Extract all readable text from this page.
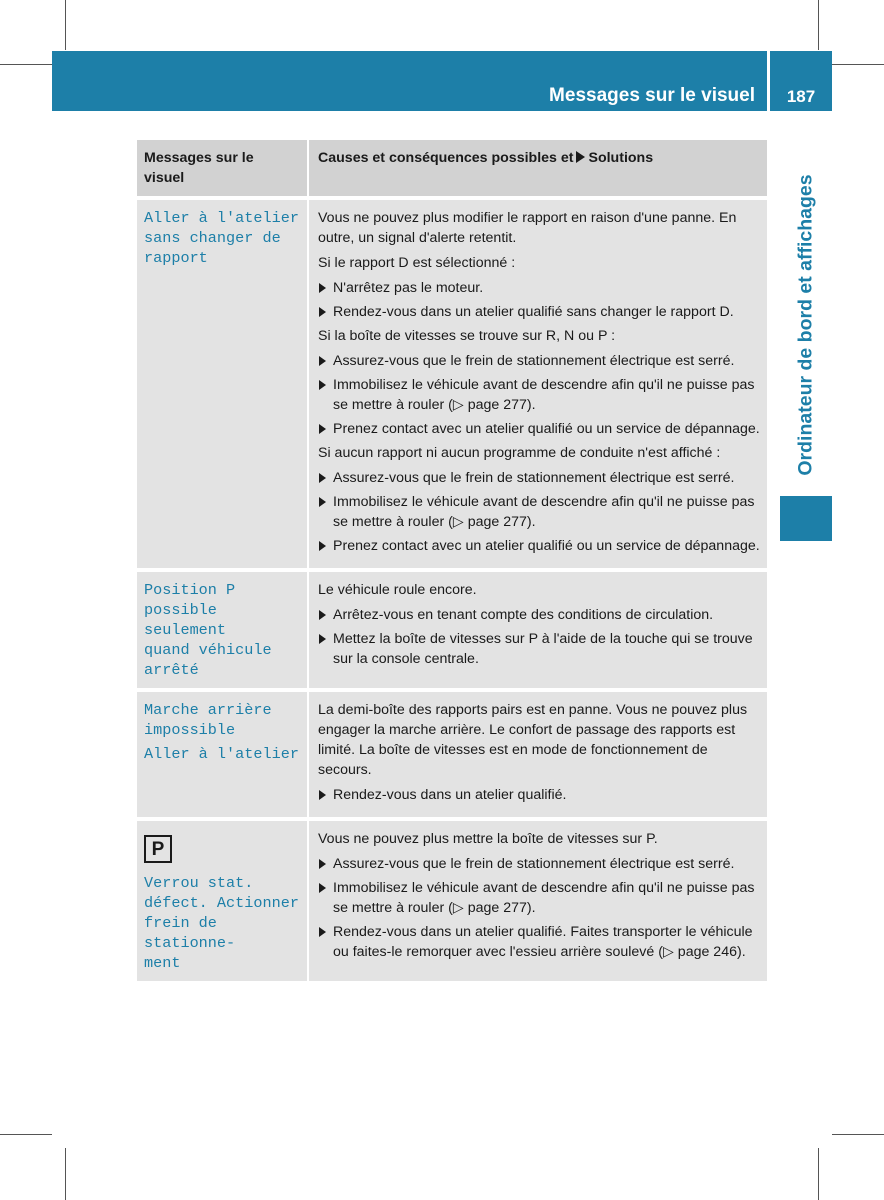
Messages sur le visuel	187
Ordinateur de bord et affichages
Messages sur le
visuel
Causes et conséquences possibles et Solutions
Aller à l'atelier
sans changer de
rapport
Vous ne pouvez plus modifier le rapport en raison d'une panne. En outre, un signal d'alerte retentit.
Si le rapport D est sélectionné :
N'arrêtez pas le moteur.
Rendez-vous dans un atelier qualifié sans changer le rapport D.
Si la boîte de vitesses se trouve sur R, N ou P :
Assurez-vous que le frein de stationnement électrique est serré.
Immobilisez le véhicule avant de descendre afin qu'il ne puisse pas se mettre à rouler (▷ page 277).
Prenez contact avec un atelier qualifié ou un service de dépannage.
Si aucun rapport ni aucun programme de conduite n'est affiché :
Assurez-vous que le frein de stationnement électrique est serré.
Immobilisez le véhicule avant de descendre afin qu'il ne puisse pas se mettre à rouler (▷ page 277).
Prenez contact avec un atelier qualifié ou un service de dépannage.
Position P
possible seulement
quand véhicule
arrêté
Le véhicule roule encore.
Arrêtez-vous en tenant compte des conditions de circulation.
Mettez la boîte de vitesses sur P à l'aide de la touche qui se trouve sur la console centrale.
Marche arrière
impossible
Aller à l'atelier
La demi-boîte des rapports pairs est en panne. Vous ne pouvez plus engager la marche arrière. Le confort de passage des rapports est limité. La boîte de vitesses est en mode de fonctionnement de secours.
Rendez-vous dans un atelier qualifié.
P
Verrou stat.
défect. Actionner
frein de stationne‐
ment
Vous ne pouvez plus mettre la boîte de vitesses sur P.
Assurez-vous que le frein de stationnement électrique est serré.
Immobilisez le véhicule avant de descendre afin qu'il ne puisse pas se mettre à rouler (▷ page 277).
Rendez-vous dans un atelier qualifié. Faites transporter le véhicule ou faites-le remorquer avec l'essieu arrière soulevé (▷ page 246).
